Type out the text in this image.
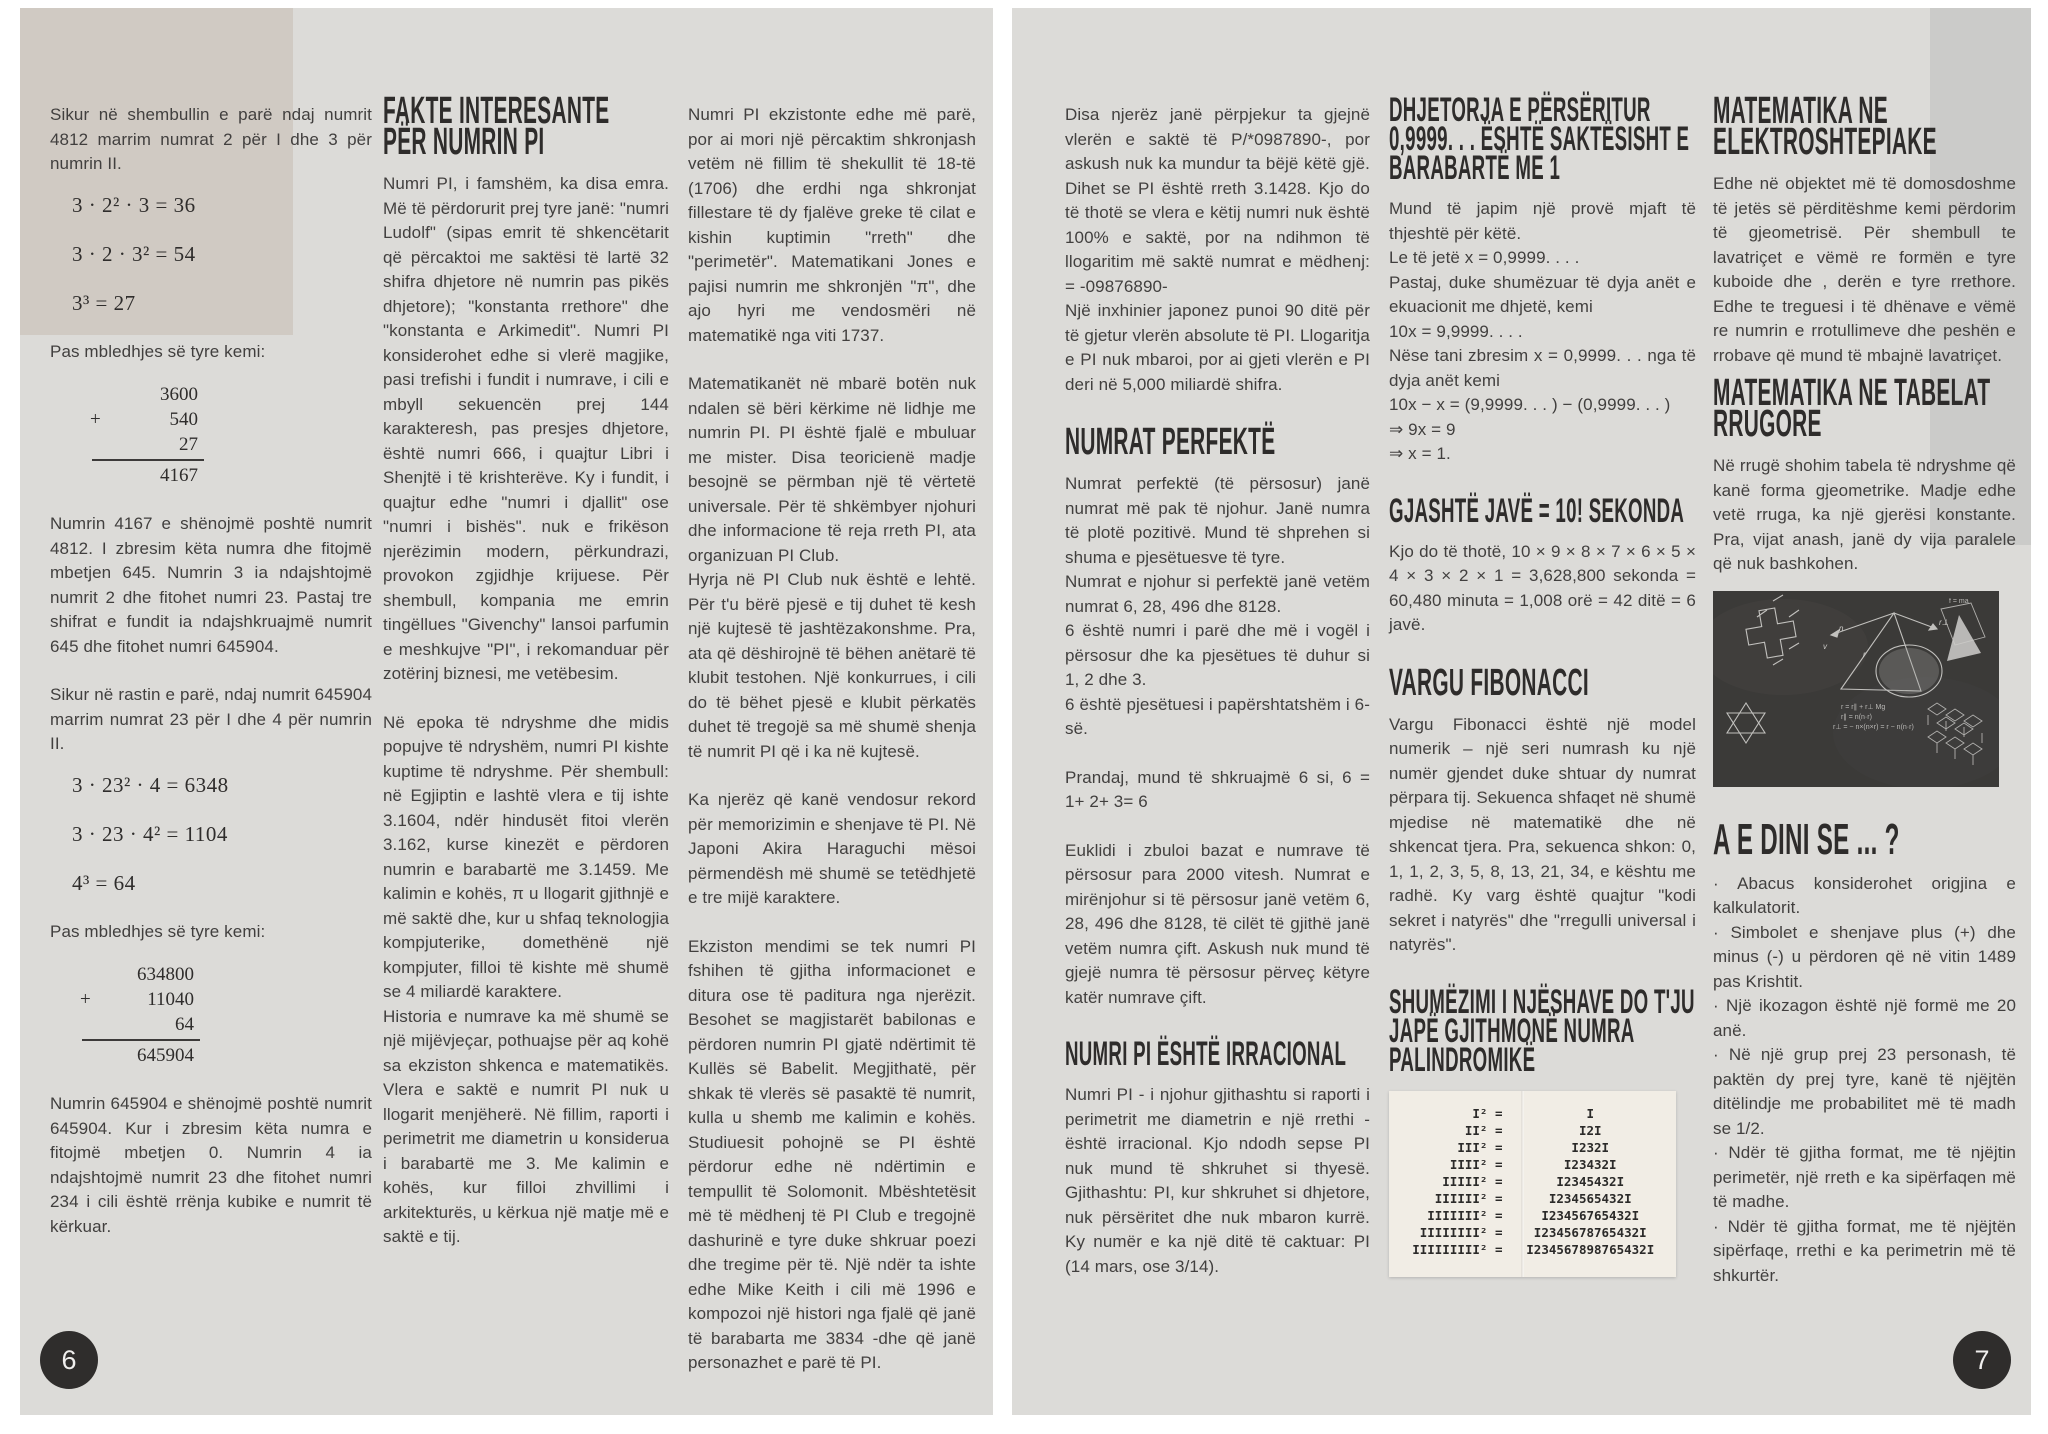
Sikur në shembullin e parë ndaj numrit 4812 marrim numrat 2 për I dhe 3 për numrin II.

3 · 2² · 3 = 36
3 · 2 · 3² = 54
3³ = 27

Pas mbledhjes së tyre kemi:

3600
+	540
27
4167

Numrin 4167 e shënojmë poshtë numrit 4812. I zbresim këta numra dhe fitojmë mbetjen 645. Numrin 3 ia ndajshtojmë numrit 2 dhe fitohet numri 23. Pastaj tre shifrat e fundit ia ndajshkruajmë numrit 645 dhe fitohet numri 645904.

Sikur në rastin e parë, ndaj numrit 645904 marrim numrat 23 për I dhe 4 për numrin II.

3 · 23² · 4 = 6348
3 · 23 · 4² = 1104
4³ = 64

Pas mbledhjes së tyre kemi:

634800
+	11040
64
645904

Numrin 645904 e shënojmë poshtë numrit 645904. Kur i zbresim këta numra e fitojmë mbetjen 0. Numrin 4 ia ndajshtojmë numrit 23 dhe fitohet numri 234 i cili është rrënja kubike e numrit të kërkuar.

FAKTE INTERESANTE
PËR NUMRIN PI

Numri PI, i famshëm, ka disa emra. Më të përdorurit prej tyre janë: "numri Ludolf" (sipas emrit të shkencëtarit që përcaktoi me saktësi të lartë 32 shifra dhjetore në numrin pas pikës dhjetore); "konstanta rrethore" dhe "konstanta e Arkimedit". Numri PI konsiderohet edhe si vlerë magjike, pasi trefishi i fundit i numrave, i cili e mbyll sekuencën prej 144 karakteresh, pas presjes dhjetore, është numri 666, i quajtur Libri i Shenjtë i të krishterëve. Ky i fundit, i quajtur edhe "numri i djallit" ose "numri i bishës". nuk e frikëson njerëzimin modern, përkundrazi, provokon zgjidhje krijuese. Për shembull, kompania me emrin tingëllues "Givenchy" lansoi parfumin e meshkujve "PI", i rekomanduar për zotërinj biznesi, me vetëbesim.

Në epoka të ndryshme dhe midis popujve të ndryshëm, numri PI kishte kuptime të ndryshme. Për shembull: në Egjiptin e lashtë vlera e tij ishte 3.1604, ndër hindusët fitoi vlerën 3.162, kurse kinezët e përdoren numrin e barabartë me 3.1459. Me kalimin e kohës, π u llogarit gjithnjë e më saktë dhe, kur u shfaq teknologjia kompjuterike, domethënë një kompjuter, filloi të kishte më shumë se 4 miliardë karaktere.

Historia e numrave ka më shumë se një mijëvjeçar, pothuajse për aq kohë sa ekziston shkenca e matematikës. Vlera e saktë e numrit PI nuk u llogarit menjëherë. Në fillim, raporti i perimetrit me diametrin u konsiderua i barabartë me 3. Me kalimin e kohës, kur filloi zhvillimi i arkitekturës, u kërkua një matje më e saktë e tij.

Numri PI ekzistonte edhe më parë, por ai mori një përcaktim shkronjash vetëm në fillim të shekullit të 18-të (1706) dhe erdhi nga shkronjat fillestare të dy fjalëve greke të cilat e kishin kuptimin "rreth" dhe "perimetër". Matematikani Jones e pajisi numrin me shkronjën "π", dhe ajo hyri me vendosmëri në matematikë nga viti 1737.

Matematikanët në mbarë botën nuk ndalen së bëri kërkime në lidhje me numrin PI. PI është fjalë e mbuluar me mister. Disa teoricienë madje besojnë se përmban një të vërtetë universale. Për të shkëmbyer njohuri dhe informacione të reja rreth PI, ata organizuan PI Club.

Hyrja në PI Club nuk është e lehtë. Për t'u bërë pjesë e tij duhet të kesh një kujtesë të jashtëzakonshme. Pra, ata që dëshirojnë të bëhen anëtarë të klubit testohen. Një konkurrues, i cili do të bëhet pjesë e klubit përkatës duhet të tregojë sa më shumë shenja të numrit PI që i ka në kujtesë.

Ka njerëz që kanë vendosur rekord për memorizimin e shenjave të PI. Në Japoni Akira Haraguchi mësoi përmendësh më shumë se tetëdhjetë e tre mijë karaktere.

Ekziston mendimi se tek numri PI fshihen të gjitha informacionet e ditura ose të paditura nga njerëzit. Besohet se magjistarët babilonas e përdoren numrin PI gjatë ndërtimit të Kullës së Babelit. Megjithatë, për shkak të vlerës së pasaktë të numrit, kulla u shemb me kalimin e kohës. Studiuesit pohojnë se PI është përdorur edhe në ndërtimin e tempullit të Solomonit. Mbështetësit më të mëdhenj të PI Club e tregojnë dashurinë e tyre duke shkruar poezi dhe tregime për të. Një ndër ta ishte edhe Mike Keith i cili më 1996 e kompozoi një histori nga fjalë që janë të barabarta me 3834 -dhe që janë personazhet e parë të PI.

6

Disa njerëz janë përpjekur ta gjejnë vlerën e saktë të P/*0987890-, por askush nuk ka mundur ta bëjë këtë gjë. Dihet se PI është rreth 3.1428. Kjo do të thotë se vlera e këtij numri nuk është 100% e saktë, por na ndihmon të llogaritim më saktë numrat e mëdhenj: = -09876890-

Një inxhinier japonez punoi 90 ditë për të gjetur vlerën absolute të PI. Llogaritja e PI nuk mbaroi, por ai gjeti vlerën e PI deri në 5,000 miliardë shifra.

NUMRAT PERFEKTË

Numrat perfektë (të përsosur) janë numrat më pak të njohur. Janë numra të plotë pozitivë. Mund të shprehen si shuma e pjesëtuesve të tyre.

Numrat e njohur si perfektë janë vetëm numrat 6, 28, 496 dhe 8128.

6 është numri i parë dhe më i vogël i përsosur dhe ka pjesëtues të duhur si 1, 2 dhe 3.

6 është pjesëtuesi i papërshtatshëm i 6-së.

Prandaj, mund të shkruajmë 6 si, 6 = 1+ 2+ 3= 6

Euklidi i zbuloi bazat e numrave të përsosur para 2000 vitesh. Numrat e mirënjohur si të përsosur janë vetëm 6, 28, 496 dhe 8128, të cilët të gjithë janë vetëm numra çift. Askush nuk mund të gjejë numra të përsosur përveç këtyre katër numrave çift.

NUMRI PI ËSHTË IRRACIONAL

Numri PI - i njohur gjithashtu si raporti i perimetrit me diametrin e një rrethi - është irracional. Kjo ndodh sepse PI nuk mund të shkruhet si thyesë. Gjithashtu: PI, kur shkruhet si dhjetore, nuk përsëritet dhe nuk mbaron kurrë. Ky numër e ka një ditë të caktuar: PI (14 mars, ose 3/14).

DHJETORJA E PËRSËRITUR
0,9999. . . ËSHTË SAKTËSISHT E
BARABARTË ME 1

Mund të japim një provë mjaft të thjeshtë për këtë.

Le të jetë x = 0,9999. . . .

Pastaj, duke shumëzuar të dyja anët e ekuacionit me dhjetë, kemi

10x = 9,9999. . . .

Nëse tani zbresim x = 0,9999. . . nga të dyja anët kemi

10x − x = (9,9999. . . ) − (0,9999. . . )

⇒ 9x = 9

⇒ x = 1.

GJASHTË JAVË = 10! SEKONDA

Kjo do të thotë, 10 × 9 × 8 × 7 × 6 × 5 × 4 × 3 × 2 × 1 = 3,628,800 sekonda = 60,480 minuta = 1,008 orë = 42 ditë = 6 javë.

VARGU FIBONACCI

Vargu Fibonacci është një model numerik – një seri numrash ku një numër gjendet duke shtuar dy numrat përpara tij. Sekuenca shfaqet në shumë mjedise në matematikë dhe në shkencat tjera. Pra, sekuenca shkon: 0, 1, 1, 2, 3, 5, 8, 13, 21, 34, e kështu me radhë. Ky varg është quajtur "kodi sekret i natyrës" dhe "rregulli universal i natyrës".

SHUMËZIMI I NJËSHAVE DO T'JU
JAPË GJITHMONË NUMRA
PALINDROMIKË
I² =	I
II² =	I2I
III² =	I232I
IIII² =	I23432I
IIIII² =	I2345432I
IIIIII² =	I234565432I
IIIIIII² =	I23456765432I
IIIIIIII² =	I2345678765432I
IIIIIIIII² =	I234567898765432I
MATEMATIKA NE
ELEKTROSHTEPIAKE

Edhe në objektet më të domosdoshme të jetës së përditëshme kemi përdorim të gjeometrisë. Për shembull te lavatriçet e vëmë re formën e tyre kuboide dhe , derën e tyre rrethore. Edhe te treguesi i të dhënave e vëmë re numrin e rrotullimeve dhe peshën e rrobave që mund të mbajnë lavatriçet.

MATEMATIKA NE TABELAT
RRUGORE

Në rrugë shohim tabela të ndryshme që kanë forma gjeometrike. Madje edhe vetë rruga, ka një gjerësi konstante. Pra, vijat anash, janë dy vija paralele që nuk bashkohen.

n
v
r
r⊥
r = r∥ + r⊥ Mg
r∥ = n(n·r)
r⊥ = − n×(n×r) = r − n(n·r)
f = ma
A E DINI SE ... ?

· Abacus konsiderohet origjina e kalkulatorit.

· Simbolet e shenjave plus (+) dhe minus (-) u përdoren që në vitin 1489 pas Krishtit.

· Një ikozagon është një formë me 20 anë.

· Në një grup prej 23 personash, të paktën dy prej tyre, kanë të njëjtën ditëlindje me probabilitet më të madh se 1/2.

· Ndër të gjitha format, me të njëjtin perimetër, një rreth e ka sipërfaqen më të madhe.

· Ndër të gjitha format, me të njëjtën sipërfaqe, rrethi e ka perimetrin më të shkurtër.

7
